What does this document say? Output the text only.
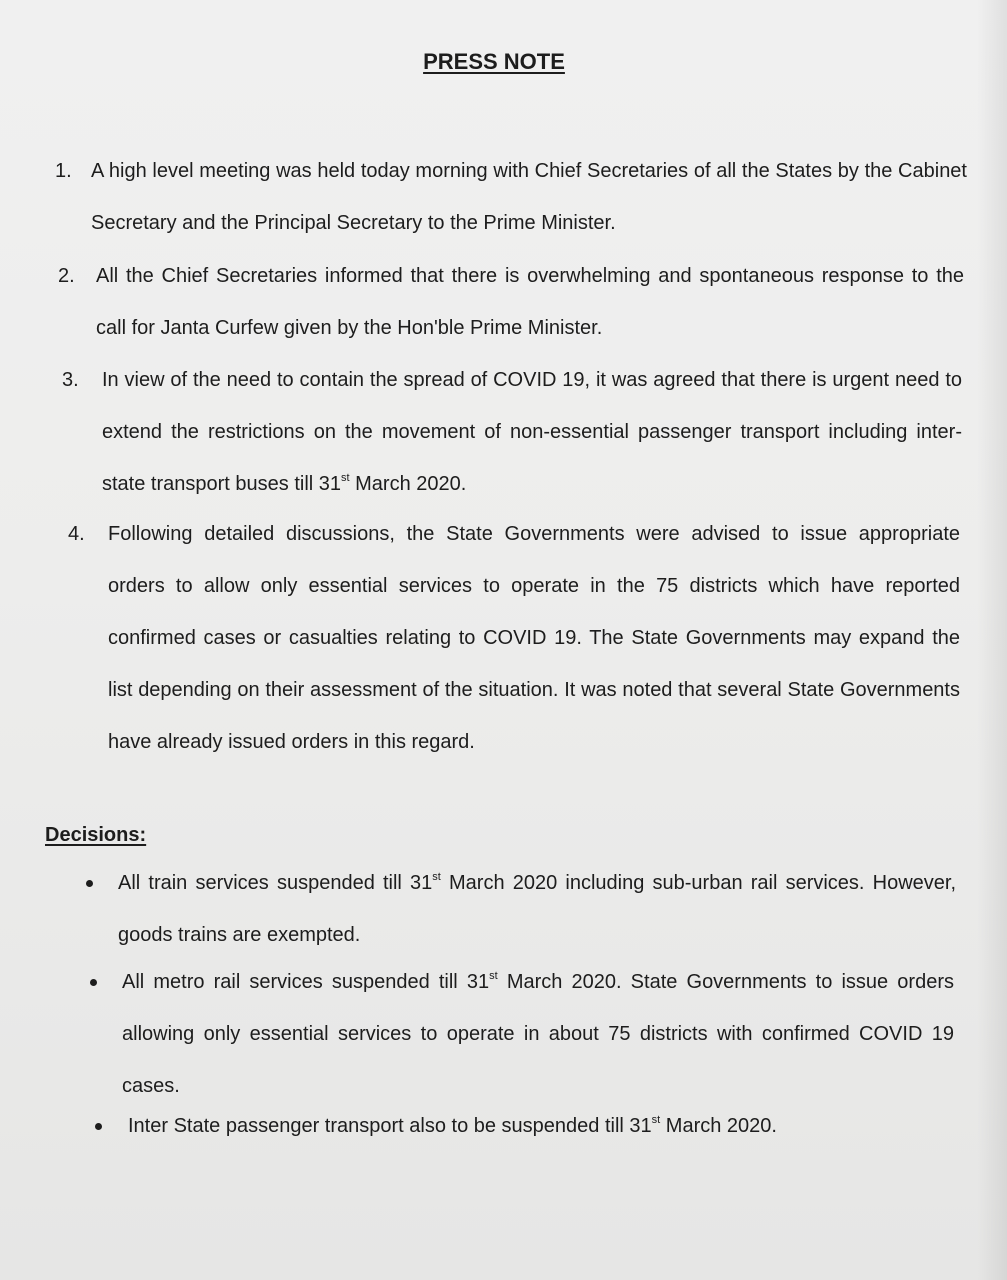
PRESS NOTE
1. A high level meeting was held today morning with Chief Secretaries of all the States by the Cabinet Secretary and the Principal Secretary to the Prime Minister.
2. All the Chief Secretaries informed that there is overwhelming and spontaneous response to the call for Janta Curfew given by the Hon'ble Prime Minister.
3. In view of the need to contain the spread of COVID 19, it was agreed that there is urgent need to extend the restrictions on the movement of non-essential passenger transport including inter-state transport buses till 31st March 2020.
4. Following detailed discussions, the State Governments were advised to issue appropriate orders to allow only essential services to operate in the 75 districts which have reported confirmed cases or casualties relating to COVID 19. The State Governments may expand the list depending on their assessment of the situation. It was noted that several State Governments have already issued orders in this regard.
Decisions:
All train services suspended till 31st March 2020 including sub-urban rail services. However, goods trains are exempted.
All metro rail services suspended till 31st March 2020. State Governments to issue orders allowing only essential services to operate in about 75 districts with confirmed COVID 19 cases.
Inter State passenger transport also to be suspended till 31st March 2020.
